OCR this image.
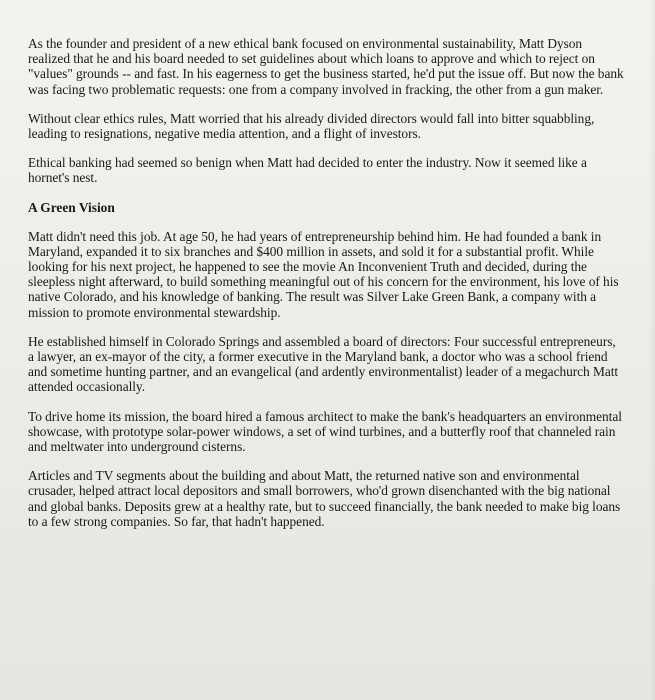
As the founder and president of a new ethical bank focused on environmental sustainability, Matt Dyson realized that he and his board needed to set guidelines about which loans to approve and which to reject on "values" grounds -- and fast. In his eagerness to get the business started, he'd put the issue off. But now the bank was facing two problematic requests: one from a company involved in fracking, the other from a gun maker.

Without clear ethics rules, Matt worried that his already divided directors would fall into bitter squabbling, leading to resignations, negative media attention, and a flight of investors.

Ethical banking had seemed so benign when Matt had decided to enter the industry. Now it seemed like a hornet's nest.

A Green Vision

Matt didn't need this job. At age 50, he had years of entrepreneurship behind him. He had founded a bank in Maryland, expanded it to six branches and $400 million in assets, and sold it for a substantial profit. While looking for his next project, he happened to see the movie An Inconvenient Truth and decided, during the sleepless night afterward, to build something meaningful out of his concern for the environment, his love of his native Colorado, and his knowledge of banking. The result was Silver Lake Green Bank, a company with a mission to promote environmental stewardship.

He established himself in Colorado Springs and assembled a board of directors: Four successful entrepreneurs, a lawyer, an ex-mayor of the city, a former executive in the Maryland bank, a doctor who was a school friend and sometime hunting partner, and an evangelical (and ardently environmentalist) leader of a megachurch Matt attended occasionally.

To drive home its mission, the board hired a famous architect to make the bank's headquarters an environmental showcase, with prototype solar-power windows, a set of wind turbines, and a butterfly roof that channeled rain and meltwater into underground cisterns.

Articles and TV segments about the building and about Matt, the returned native son and environmental crusader, helped attract local depositors and small borrowers, who'd grown disenchanted with the big national and global banks. Deposits grew at a healthy rate, but to succeed financially, the bank needed to make big loans to a few strong companies. So far, that hadn't happened.
